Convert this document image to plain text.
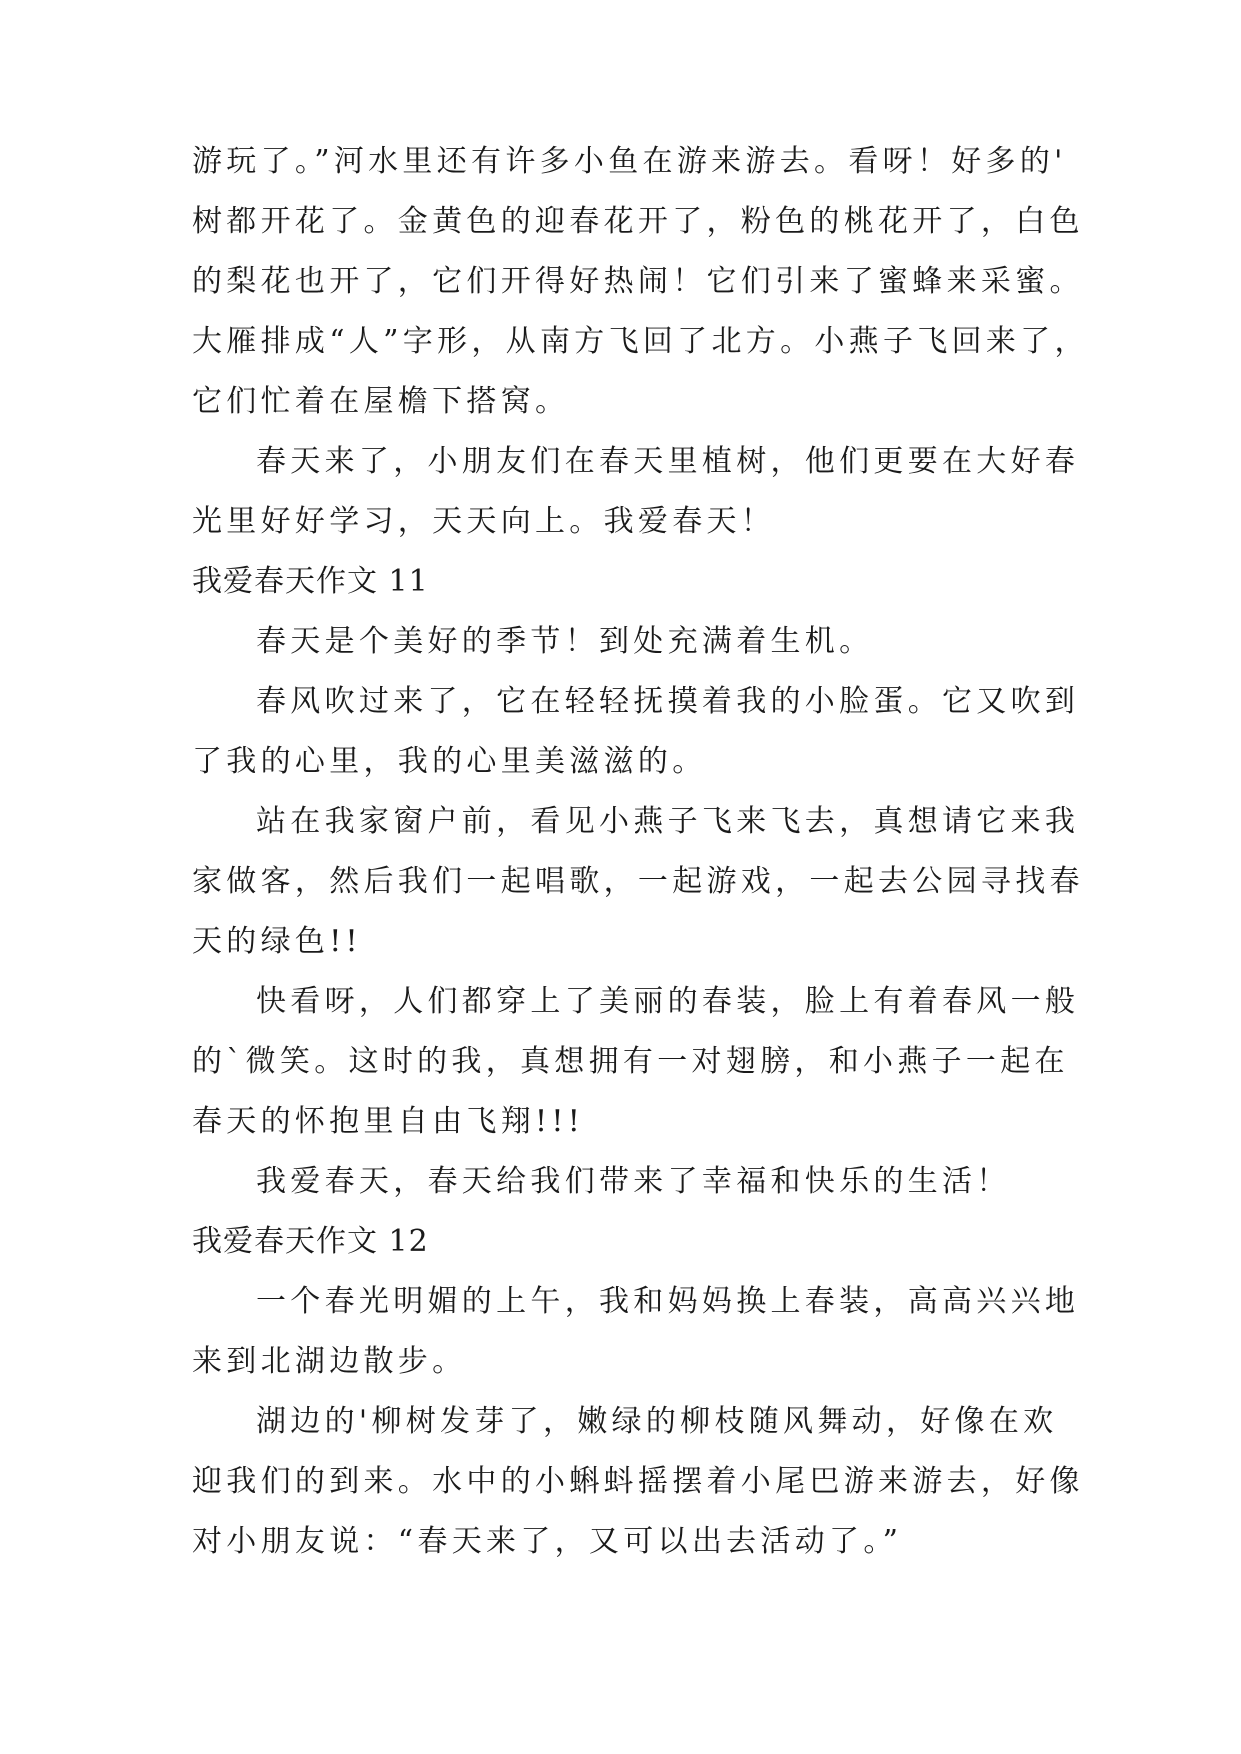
游玩了。”河水里还有许多小鱼在游来游去。看呀！好多的'
树都开花了。金黄色的迎春花开了，粉色的桃花开了，白色
的梨花也开了，它们开得好热闹！它们引来了蜜蜂来采蜜。
大雁排成“人”字形，从南方飞回了北方。小燕子飞回来了，
它们忙着在屋檐下搭窝。
春天来了，小朋友们在春天里植树，他们更要在大好春
光里好好学习，天天向上。我爱春天！
我爱春天作文 11
春天是个美好的季节！到处充满着生机。
春风吹过来了，它在轻轻抚摸着我的小脸蛋。它又吹到
了我的心里，我的心里美滋滋的。
站在我家窗户前，看见小燕子飞来飞去，真想请它来我
家做客，然后我们一起唱歌，一起游戏，一起去公园寻找春
天的绿色!!
快看呀，人们都穿上了美丽的春装，脸上有着春风一般
的`微笑。这时的我，真想拥有一对翅膀，和小燕子一起在
春天的怀抱里自由飞翔!!!
我爱春天，春天给我们带来了幸福和快乐的生活！
我爱春天作文 12
一个春光明媚的上午，我和妈妈换上春装，高高兴兴地
来到北湖边散步。
湖边的'柳树发芽了，嫩绿的柳枝随风舞动，好像在欢
迎我们的到来。水中的小蝌蚪摇摆着小尾巴游来游去，好像
对小朋友说：“春天来了，又可以出去活动了。”
